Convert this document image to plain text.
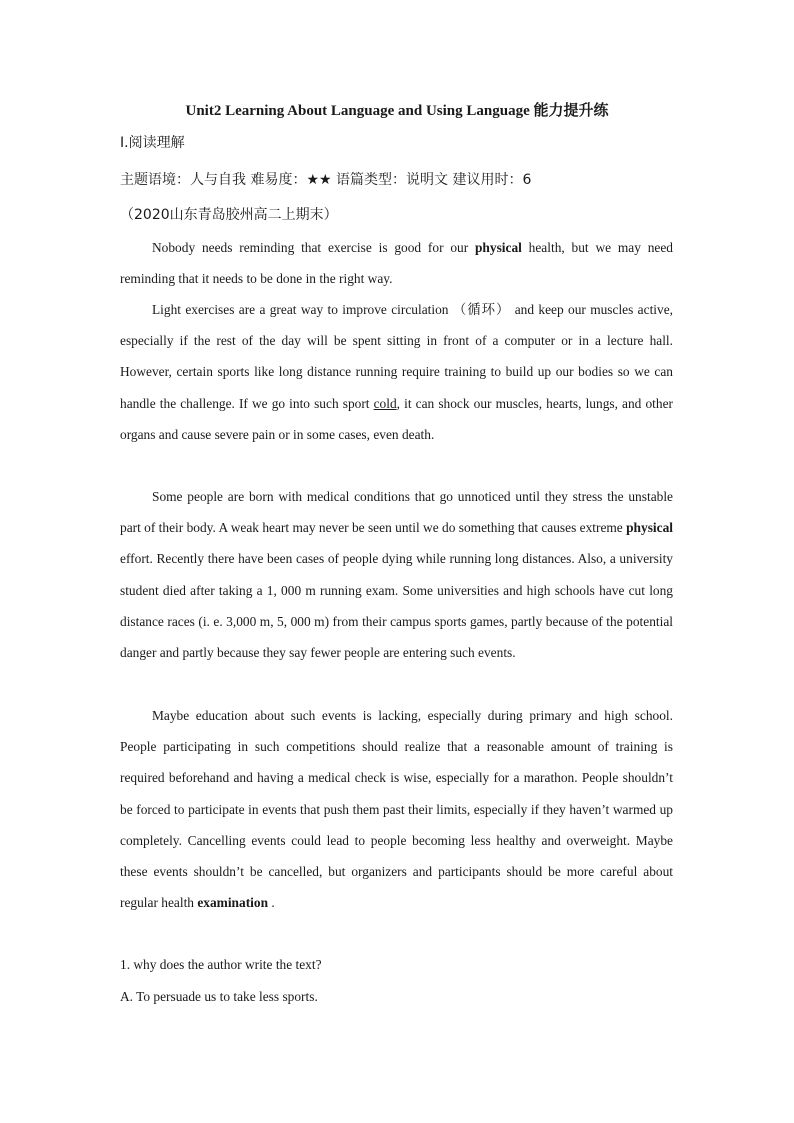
Unit2 Learning About Language and Using Language 能力提升练
I.阅读理解
主题语境：人与自我 难易度：★★ 语篇类型：说明文 建议用时：6
（2020山东青岛胶州高二上期末）

Nobody needs reminding that exercise is good for our physical health, but we may need reminding that it needs to be done in the right way.

Light exercises are a great way to improve circulation （循环） and keep our muscles active, especially if the rest of the day will be spent sitting in front of a computer or in a lecture hall. However, certain sports like long distance running require training to build up our bodies so we can handle the challenge. If we go into such sport cold, it can shock our muscles, hearts, lungs, and other organs and cause severe pain or in some cases, even death.

Some people are born with medical conditions that go unnoticed until they stress the unstable part of their body. A weak heart may never be seen until we do something that causes extreme physical effort. Recently there have been cases of people dying while running long distances. Also, a university student died after taking a 1, 000 m running exam. Some universities and high schools have cut long distance races (i. e. 3,000 m, 5, 000 m) from their campus sports games, partly because of the potential danger and partly because they say fewer people are entering such events.

Maybe education about such events is lacking, especially during primary and high school. People participating in such competitions should realize that a reasonable amount of training is required beforehand and having a medical check is wise, especially for a marathon. People shouldn’t be forced to participate in events that push them past their limits, especially if they haven’t warmed up completely. Cancelling events could lead to people becoming less healthy and overweight. Maybe these events shouldn’t be cancelled, but organizers and participants should be more careful about regular health examination .

1. why does the author write the text?
A. To persuade us to take less sports.
